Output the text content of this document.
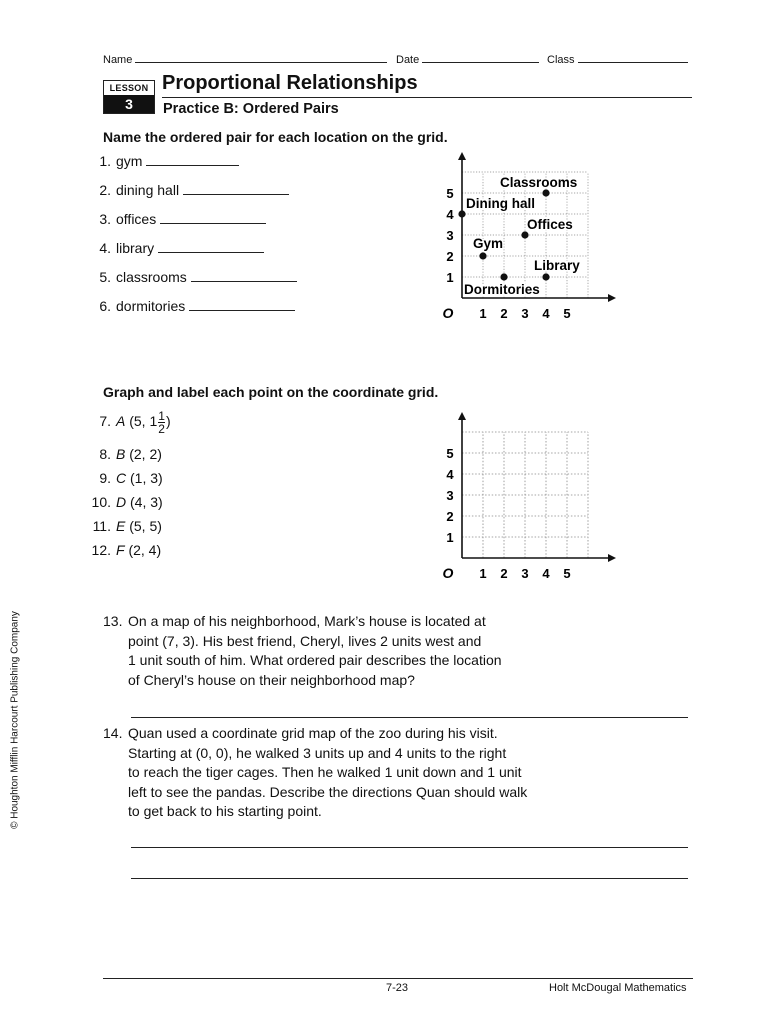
Name	Date	Class
LESSON
3
Proportional Relationships
Practice B: Ordered Pairs
Name the ordered pair for each location on the grid.
1. gym
2. dining hall
3. offices
4. library
5. classrooms
6. dormitories	1 2 3 4 5
1
2
3
4
5
O
Classrooms
Dining hall
Offices
Gym
Library
Dormitories
Graph and label each point on the coordinate grid.
7. A (5, $1 \frac{1}{2}$ )
8. B (2, 2)
9. C (1, 3)
10. D (4, 3)
11. E (5, 5)
12. F (2, 4)
1 2 3 4 5
1
2
3
4
5
O
13. On a map of his neighborhood, Mark’s house is located at
point (7, 3). His best friend, Cheryl, lives 2 units west and
1 unit south of him. What ordered pair describes the location
of Cheryl’s house on their neighborhood map?
14. Quan used a coordinate grid map of the zoo during his visit.
Starting at (0, 0), he walked 3 units up and 4 units to the right
to reach the tiger cages. Then he walked 1 unit down and 1 unit
left to see the pandas. Describe the directions Quan should walk
to get back to his starting point.
© Houghton Mifflin Harcourt Publishing Company
7-23	Holt McDougal Mathematics
